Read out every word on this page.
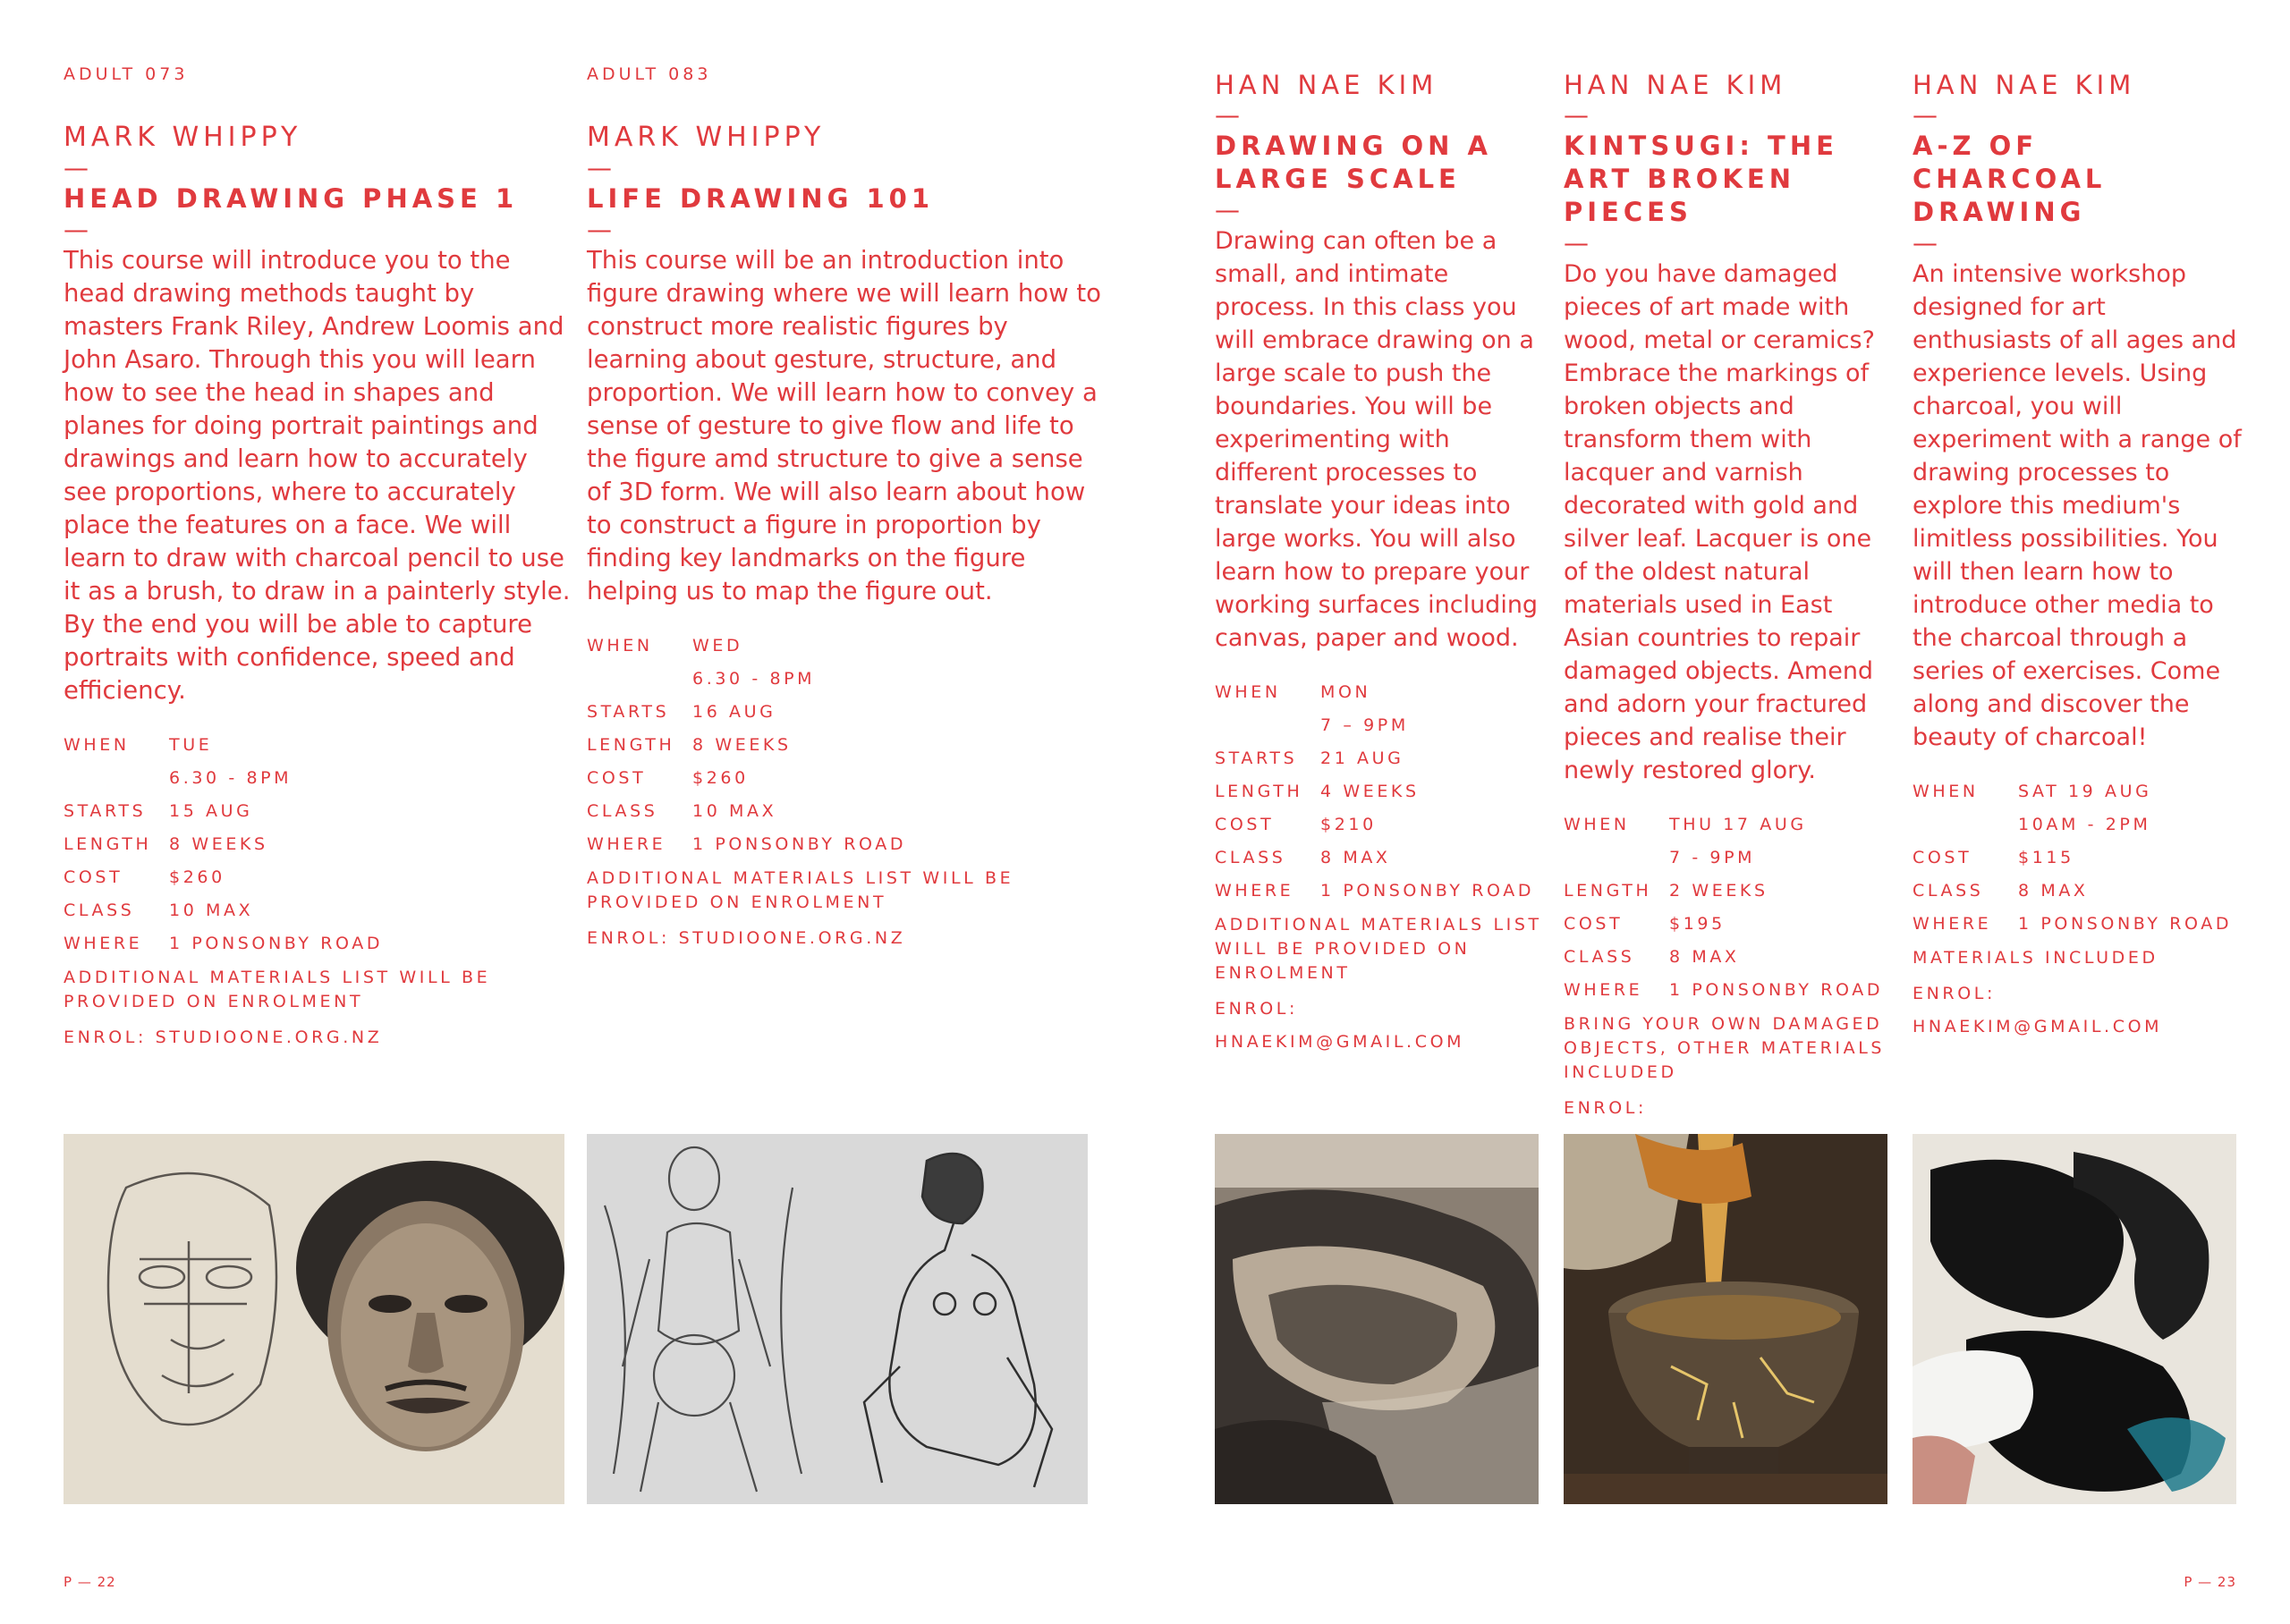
ADULT 073
MARK WHIPPY
—
HEAD DRAWING PHASE 1
—

This course will introduce you to the head drawing methods taught by masters Frank Riley, Andrew Loomis and John Asaro. Through this you will learn how to see the head in shapes and planes for doing portrait paintings and drawings and learn how to accurately see proportions, where to accurately place the features on a face. We will learn to draw with charcoal pencil to use it as a brush, to draw in a painterly style. By the end you will be able to capture portraits with confidence, speed and efficiency.

WHEN	TUE
6.30 - 8PM
STARTS	15 AUG
LENGTH	8 WEEKS
COST	$260
CLASS	10 MAX
WHERE	1 PONSONBY ROAD
ADDITIONAL MATERIALS LIST WILL BE PROVIDED ON ENROLMENT
ENROL: STUDIOONE.ORG.NZ
ADULT 083
MARK WHIPPY
—
LIFE DRAWING 101
—

This course will be an introduction into figure drawing where we will learn how to construct more realistic figures by learning about gesture, structure, and proportion. We will learn how to convey a sense of gesture to give flow and life to the figure amd structure to give a sense of 3D form. We will also learn about how to construct a figure in proportion by finding key landmarks on the figure helping us to map the figure out.

WHEN	WED
6.30 - 8PM
STARTS	16 AUG
LENGTH	8 WEEKS
COST	$260
CLASS	10 MAX
WHERE	1 PONSONBY ROAD
ADDITIONAL MATERIALS LIST WILL BE PROVIDED ON ENROLMENT
ENROL: STUDIOONE.ORG.NZ
HAN NAE KIM
—
DRAWING ON A LARGE SCALE
—

Drawing can often be a small, and intimate process. In this class you will embrace drawing on a large scale to push the boundaries. You will be experimenting with different processes to translate your ideas into large works. You will also learn how to prepare your working surfaces including canvas, paper and wood.

WHEN	MON
7 – 9PM
STARTS	21 AUG
LENGTH	4 WEEKS
COST	$210
CLASS	8 MAX
WHERE	1 PONSONBY ROAD
ADDITIONAL MATERIALS LIST WILL BE PROVIDED ON ENROLMENT
ENROL:
HNAEKIM@GMAIL.COM
HAN NAE KIM
—
KINTSUGI: THE ART BROKEN PIECES
—

Do you have damaged pieces of art made with wood, metal or ceramics? Embrace the markings of broken objects and transform them with lacquer and varnish decorated with gold and silver leaf. Lacquer is one of the oldest natural materials used in East Asian countries to repair damaged objects. Amend and adorn your fractured pieces and realise their newly restored glory.

WHEN	THU 17 AUG
7 - 9PM
LENGTH	2 WEEKS
COST	$195
CLASS	8 MAX
WHERE	1 PONSONBY ROAD
BRING YOUR OWN DAMAGED OBJECTS, OTHER MATERIALS INCLUDED
ENROL:
HAN NAE KIM
—
A-Z OF CHARCOAL DRAWING
—

An intensive workshop designed for art enthusiasts of all ages and experience levels. Using charcoal, you will experiment with a range of drawing processes to explore this medium's limitless possibilities. You will then learn how to introduce other media to the charcoal through a series of exercises. Come along and discover the beauty of charcoal!

WHEN	SAT 19 AUG
10AM - 2PM
COST	$115
CLASS	8 MAX
WHERE	1 PONSONBY ROAD
MATERIALS INCLUDED
ENROL:
HNAEKIM@GMAIL.COM
P — 22	P — 23
